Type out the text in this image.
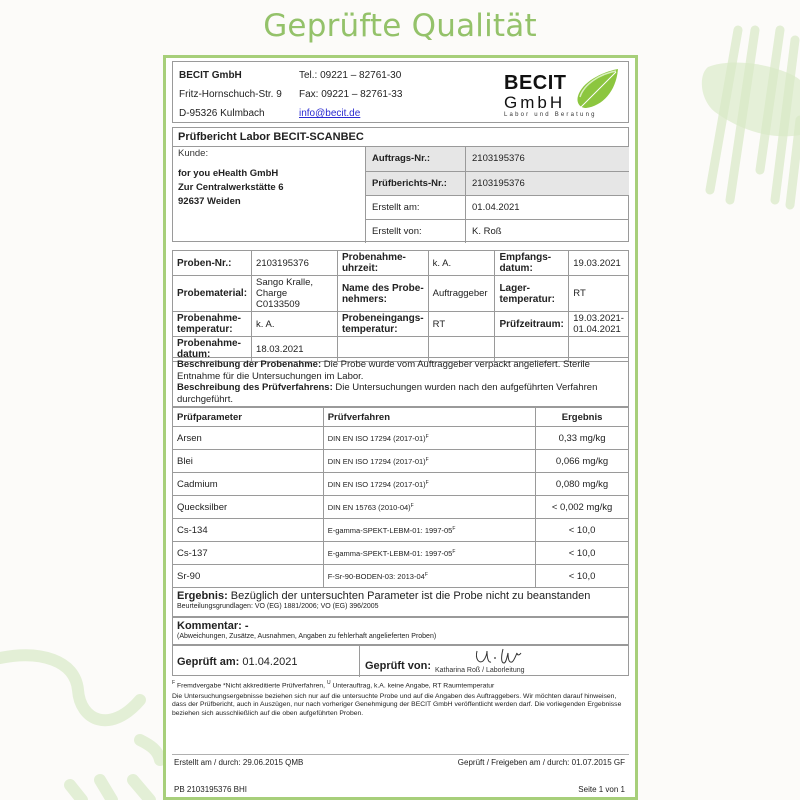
Geprüfte Qualität
BECIT GmbH
Fritz-Hornschuch-Str. 9
D-95326 Kulmbach
Tel.: 09221 – 82761-30
Fax: 09221 – 82761-33
info@becit.de
BECIT
GmbH
Labor und Beratung
Prüfbericht Labor BECIT-SCANBEC
Kunde:
for you eHealth GmbH
Zur Centralwerkstätte 6
92637 Weiden
Auftrags-Nr.:	2103195376
Prüfberichts-Nr.:	2103195376
Erstellt am:	01.04.2021
Erstellt von:	K. Roß
Proben-Nr.:	2103195376	Probenahme-uhrzeit:	k. A.	Empfangs-datum:	19.03.2021
Probematerial:	Sango Kralle, Charge C0133509	Name des Probe-nehmers:	Auftraggeber	Lager-temperatur:	RT
Probenahme-temperatur:	k. A.	Probeneingangs-temperatur:	RT	Prüfzeitraum:	19.03.2021-01.04.2021
Probenahme-datum:	18.03.2021				
Beschreibung der Probenahme: Die Probe wurde vom Auftraggeber verpackt angeliefert. Sterile Entnahme für die Untersuchungen im Labor.
Beschreibung des Prüfverfahrens: Die Untersuchungen wurden nach den aufgeführten Verfahren durchgeführt.
Prüfparameter	Prüfverfahren	Ergebnis
Arsen	DIN EN ISO 17294 (2017-01)$^F$	0,33 mg/kg
Blei	DIN EN ISO 17294 (2017-01)$^F$	0,066 mg/kg
Cadmium	DIN EN ISO 17294 (2017-01)$^F$	0,080 mg/kg
Quecksilber	DIN EN 15763 (2010-04)$^F$	< 0,002 mg/kg
Cs-134	E-gamma-SPEKT-LEBM-01: $1997-05^F$	< 10,0
Cs-137	E-gamma-SPEKT-LEBM-01: $1997-05^F$	< 10,0
Sr-90	F-Sr-90-BODEN-03: $2013-04^F$	< 10,0
Ergebnis: Bezüglich der untersuchten Parameter ist die Probe nicht zu beanstanden
Beurteilungsgrundlagen: VO (EG) 1881/2006; VO (EG) 396/2005
Kommentar: -
(Abweichungen, Zusätze, Ausnahmen, Angaben zu fehlerhaft angelieferten Proben)
Geprüft am: 01.04.2021	Geprüft von: Katharina Roß / Laborleitung

$^F$ Fremdvergabe *Nicht akkreditierte Prüfverfahren, $^U$ Unterauftrag, k.A. keine Angabe, RT Raumtemperatur

Die Untersuchungsergebnisse beziehen sich nur auf die untersuchte Probe und auf die Angaben des Auftraggebers. Wir möchten darauf hinweisen, dass der Prüfbericht, auch in Auszügen, nur nach vorheriger Genehmigung der BECIT GmbH veröffentlicht werden darf. Die vorliegenden Ergebnisse beziehen sich ausschließlich auf die oben aufgeführten Proben.

Erstellt am / durch: 29.06.2015 QMB	Geprüft / Freigeben am / durch: 01.07.2015 GF
PB 2103195376 BHI	Seite 1 von 1
